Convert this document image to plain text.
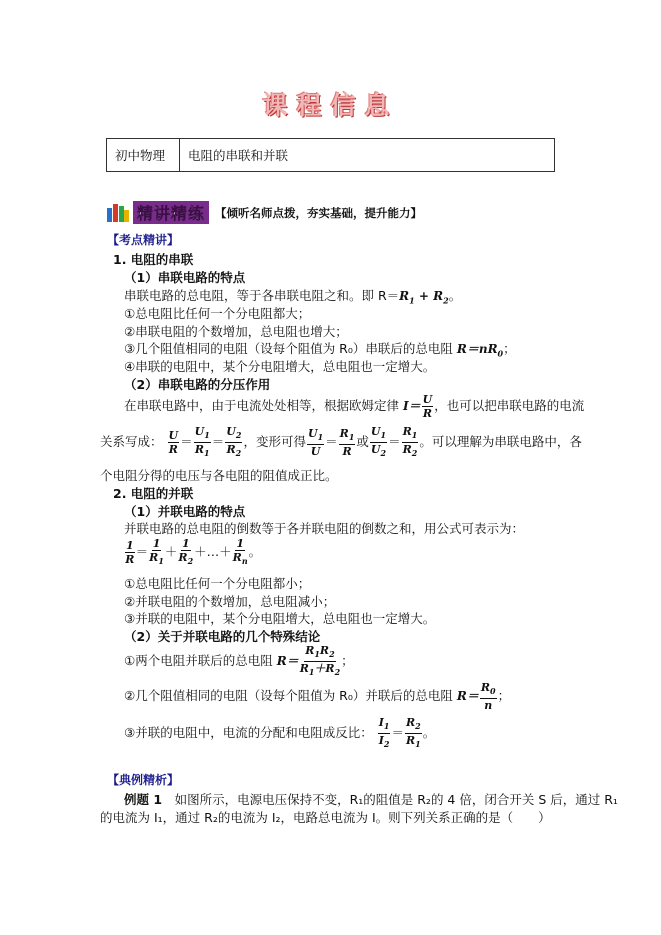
课程信息
初中物理	电阻的串联和并联
精讲精练 【倾听名师点拨，夯实基础，提升能力】
【考点精讲】
1. 电阻的串联
（1）串联电路的特点
串联电路的总电阻，等于各串联电阻之和。即 $R=R_1 + R_2$。
①总电阻比任何一个分电阻都大；
②串联电阻的个数增加，总电阻也增大；
③几个阻值相同的电阻（设每个阻值为 R₀）串联后的总电阻 $R=nR_0$；
④串联的电阻中，某个分电阻增大，总电阻也一定增大。
（2）串联电路的分压作用
在串联电路中，由于电流处处相等，根据欧姆定律 $I= \frac{U}{R}$ ，也可以把串联电路的电流
关系写成： $\frac{U}{R} = \frac{U_1}{R_1} = \frac{U_2}{R_2}$ ，变形可得 $\frac{U_1}{U} = \frac{R_1}{R}$ 或 $\frac{U_1}{U_2} = \frac{R_1}{R_2}$ 。可以理解为串联电路中，各
个电阻分得的电压与各电阻的阻值成正比。
2. 电阻的并联
（1）并联电路的特点
并联电路的总电阻的倒数等于各并联电阻的倒数之和，用公式可表示为：
$\frac{1}{R} = \frac{1}{R_1} + \frac{1}{R_2}$ ＋…＋ $\frac{1}{R_n}$ 。
①总电阻比任何一个分电阻都小；
②并联电阻的个数增加，总电阻减小；
③并联的电阻中，某个分电阻增大，总电阻也一定增大。
（2）关于并联电路的几个特殊结论
①两个电阻并联后的总电阻 $R= \frac{R_1R_2}{R_1+R_2}$ ；
②几个阻值相同的电阻（设每个阻值为 R₀）并联后的总电阻 $R= \frac{R_0}{n}$ ；
③并联的电阻中，电流的分配和电阻成反比： $\frac{I_1}{I_2} = \frac{R_2}{R_1}$ 。
【典例精析】
例题 1　 如图所示，电源电压保持不变，R₁的阻值是 R₂的 4 倍，闭合开关 S 后，通过 R₁
的电流为 I₁，通过 R₂的电流为 I₂，电路总电流为 I。则下列关系正确的是（　　）
